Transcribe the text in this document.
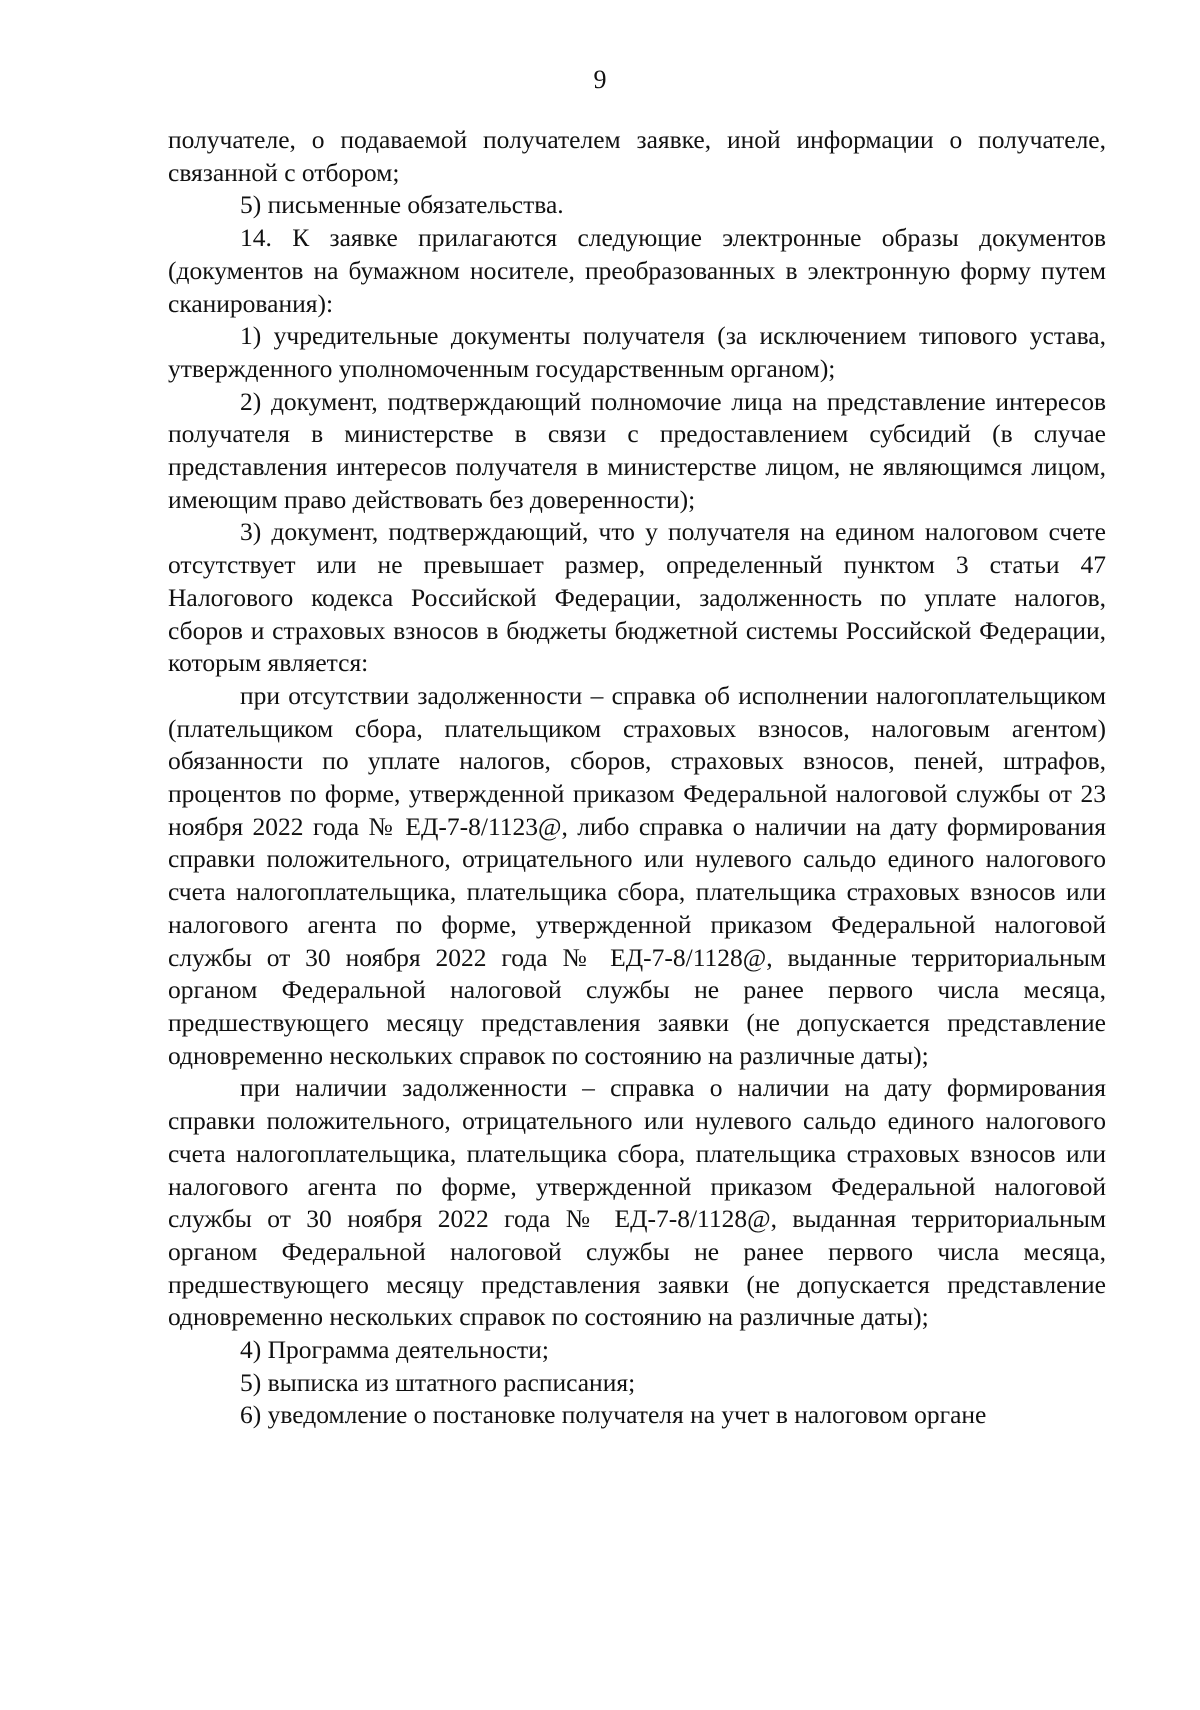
9

получателе, о подаваемой получателем заявке, иной информации о получателе, связанной с отбором;

5) письменные обязательства.

14. К заявке прилагаются следующие электронные образы документов (документов на бумажном носителе, преобразованных в электронную форму путем сканирования):

1) учредительные документы получателя (за исключением типового устава, утвержденного уполномоченным государственным органом);

2) документ, подтверждающий полномочие лица на представление интересов получателя в министерстве в связи с предоставлением субсидий (в случае представления интересов получателя в министерстве лицом, не являющимся лицом, имеющим право действовать без доверенности);

3) документ, подтверждающий, что у получателя на едином налоговом счете отсутствует или не превышает размер, определенный пунктом 3 статьи 47 Налогового кодекса Российской Федерации, задолженность по уплате налогов, сборов и страховых взносов в бюджеты бюджетной системы Российской Федерации, которым является:

при отсутствии задолженности – справка об исполнении налогоплательщиком (плательщиком сбора, плательщиком страховых взносов, налоговым агентом) обязанности по уплате налогов, сборов, страховых взносов, пеней, штрафов, процентов по форме, утвержденной приказом Федеральной налоговой службы от 23 ноября 2022 года № ЕД-7-8/1123@, либо справка о наличии на дату формирования справки положительного, отрицательного или нулевого сальдо единого налогового счета налогоплательщика, плательщика сбора, плательщика страховых взносов или налогового агента по форме, утвержденной приказом Федеральной налоговой службы от 30 ноября 2022 года № ЕД-7-8/1128@, выданные территориальным органом Федеральной налоговой службы не ранее первого числа месяца, предшествующего месяцу представления заявки (не допускается представление одновременно нескольких справок по состоянию на различные даты);

при наличии задолженности – справка о наличии на дату формирования справки положительного, отрицательного или нулевого сальдо единого налогового счета налогоплательщика, плательщика сбора, плательщика страховых взносов или налогового агента по форме, утвержденной приказом Федеральной налоговой службы от 30 ноября 2022 года № ЕД-7-8/1128@, выданная территориальным органом Федеральной налоговой службы не ранее первого числа месяца, предшествующего месяцу представления заявки (не допускается представление одновременно нескольких справок по состоянию на различные даты);

4) Программа деятельности;

5) выписка из штатного расписания;

6) уведомление о постановке получателя на учет в налоговом органе
